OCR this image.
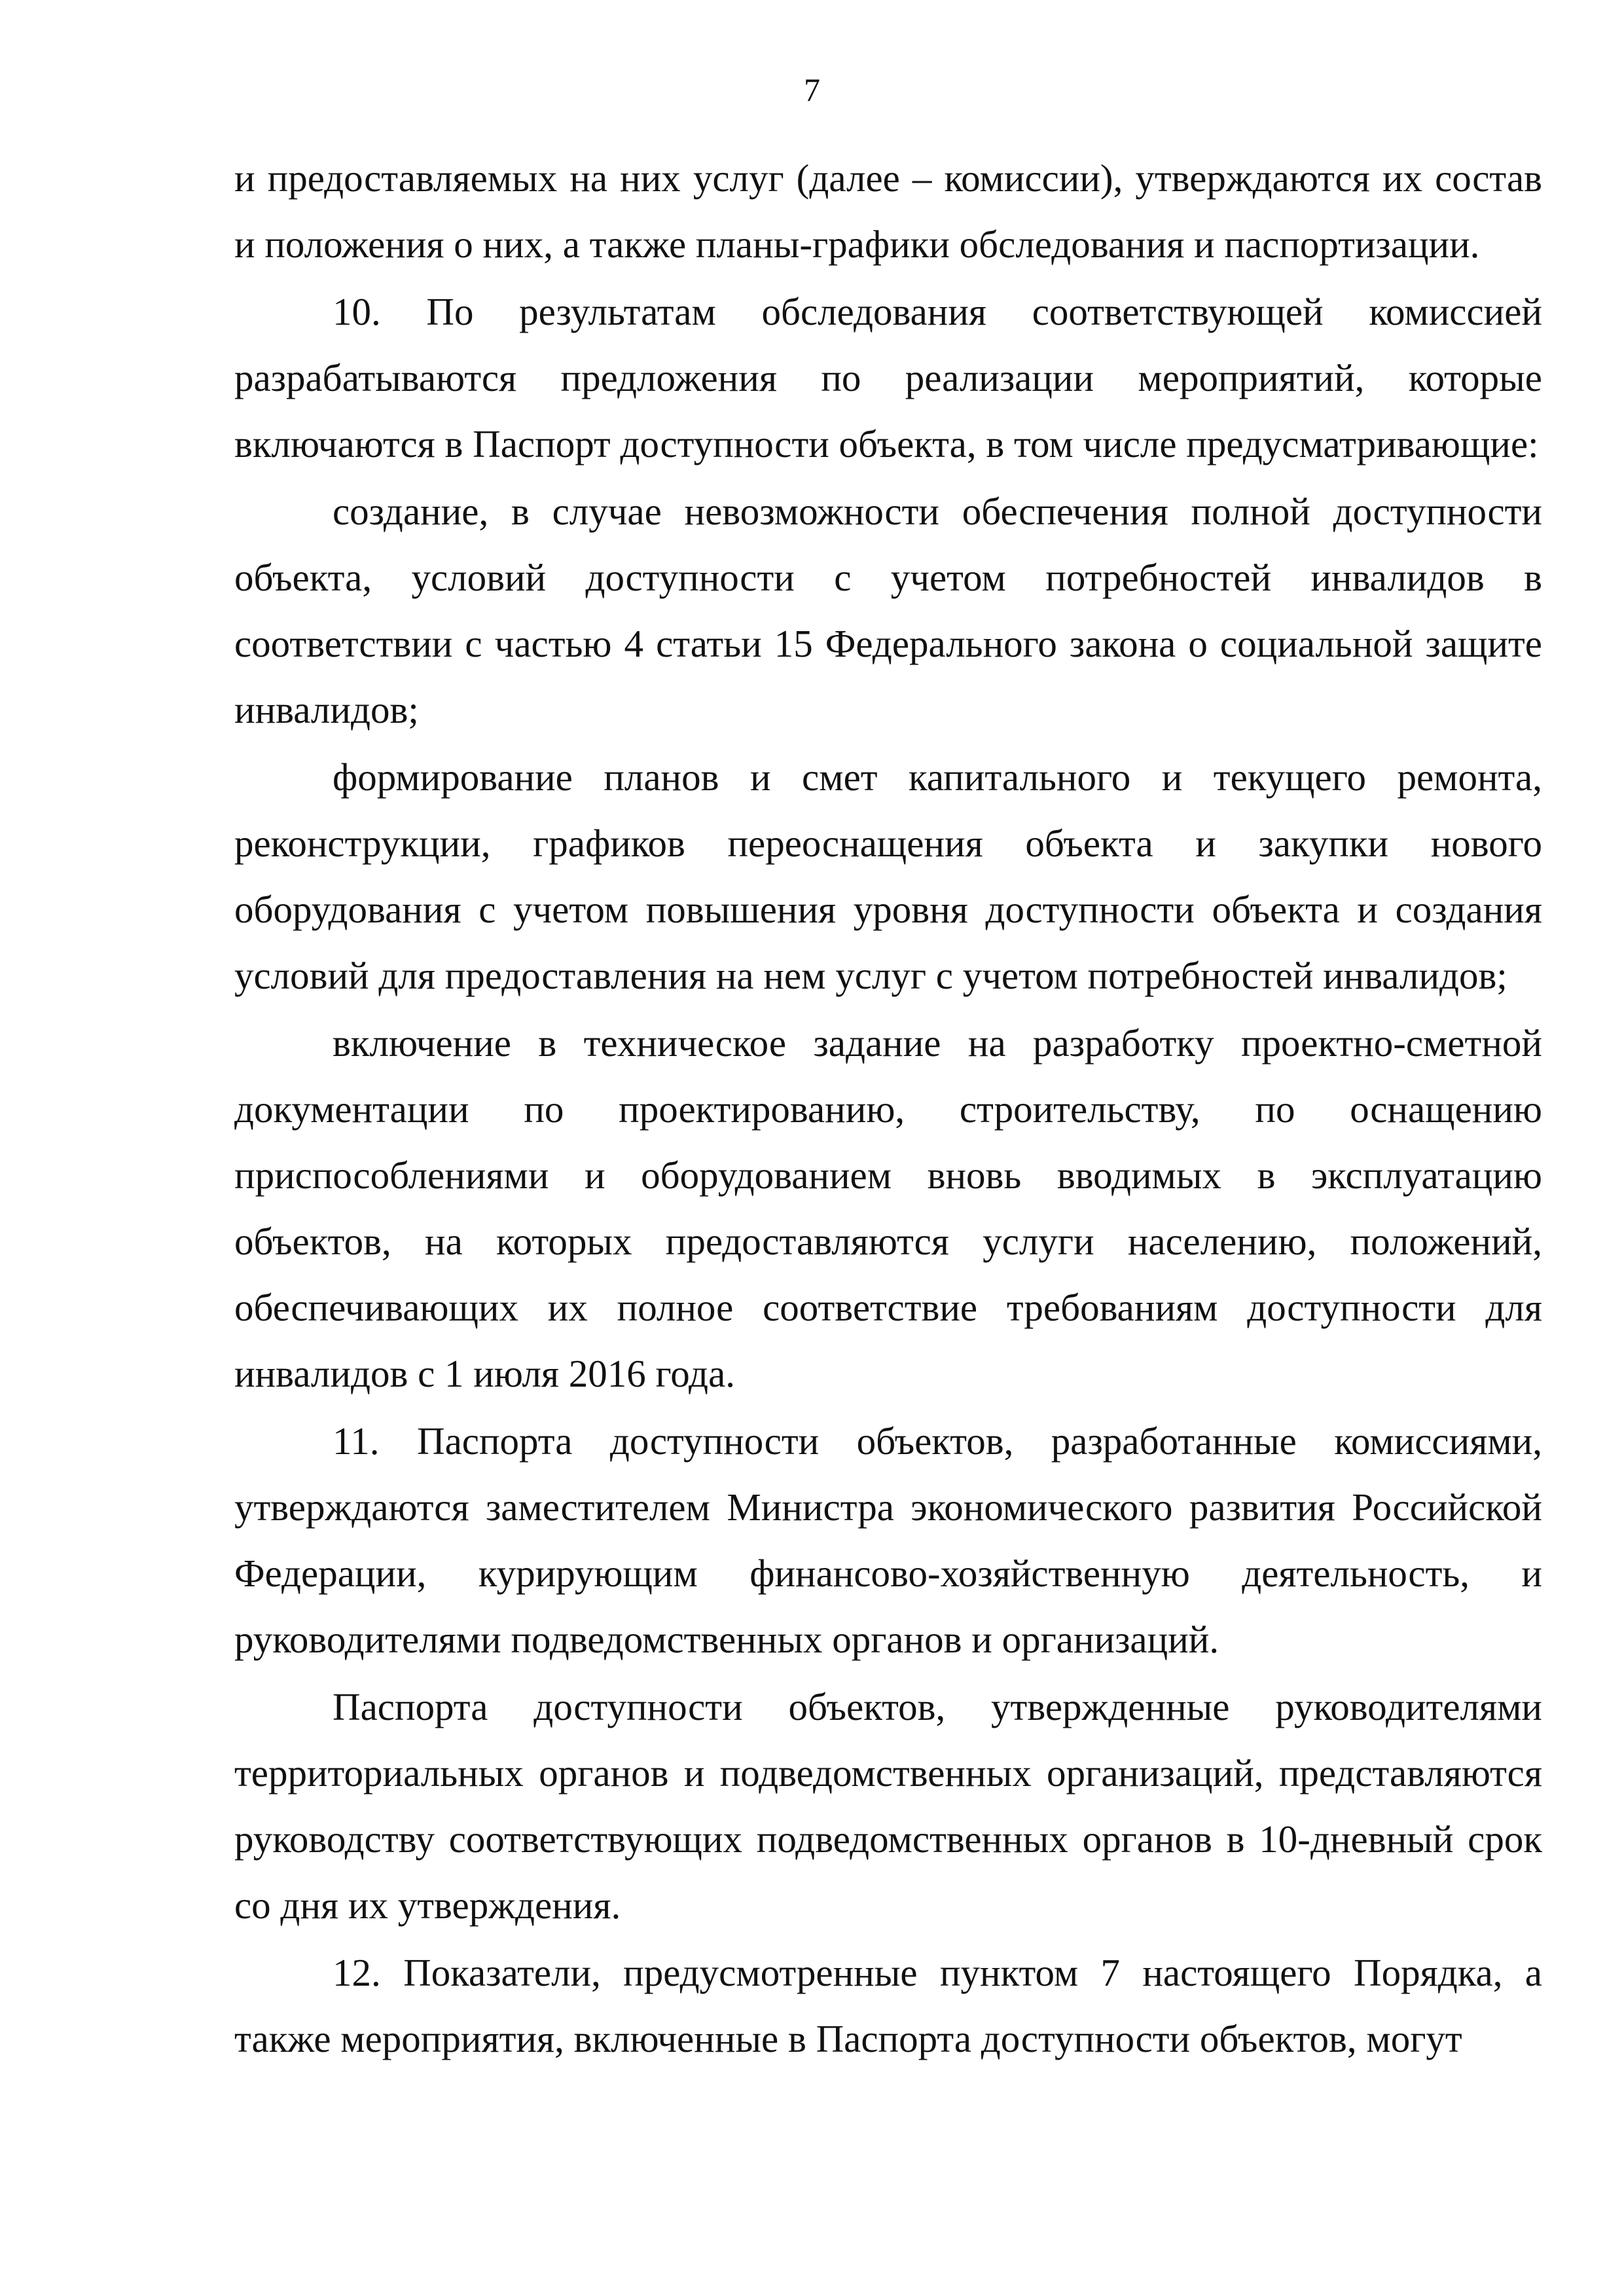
7

и предоставляемых на них услуг (далее – комиссии), утверждаются их состав и положения о них, а также планы-графики обследования и паспортизации.

10. По результатам обследования соответствующей комиссией разрабатываются предложения по реализации мероприятий, которые включаются в Паспорт доступности объекта, в том числе предусматривающие:

создание, в случае невозможности обеспечения полной доступности объекта, условий доступности с учетом потребностей инвалидов в соответствии с частью 4 статьи 15 Федерального закона о социальной защите инвалидов;

формирование планов и смет капитального и текущего ремонта, реконструкции, графиков переоснащения объекта и закупки нового оборудования с учетом повышения уровня доступности объекта и создания условий для предоставления на нем услуг с учетом потребностей инвалидов;

включение в техническое задание на разработку проектно-сметной документации по проектированию, строительству, по оснащению приспособлениями и оборудованием вновь вводимых в эксплуатацию объектов, на которых предоставляются услуги населению, положений, обеспечивающих их полное соответствие требованиям доступности для инвалидов с 1 июля 2016 года.

11. Паспорта доступности объектов, разработанные комиссиями, утверждаются заместителем Министра экономического развития Российской Федерации, курирующим финансово-хозяйственную деятельность, и руководителями подведомственных органов и организаций.

Паспорта доступности объектов, утвержденные руководителями территориальных органов и подведомственных организаций, представляются руководству соответствующих подведомственных органов в 10-дневный срок со дня их утверждения.

12. Показатели, предусмотренные пунктом 7 настоящего Порядка, а также мероприятия, включенные в Паспорта доступности объектов, могут
